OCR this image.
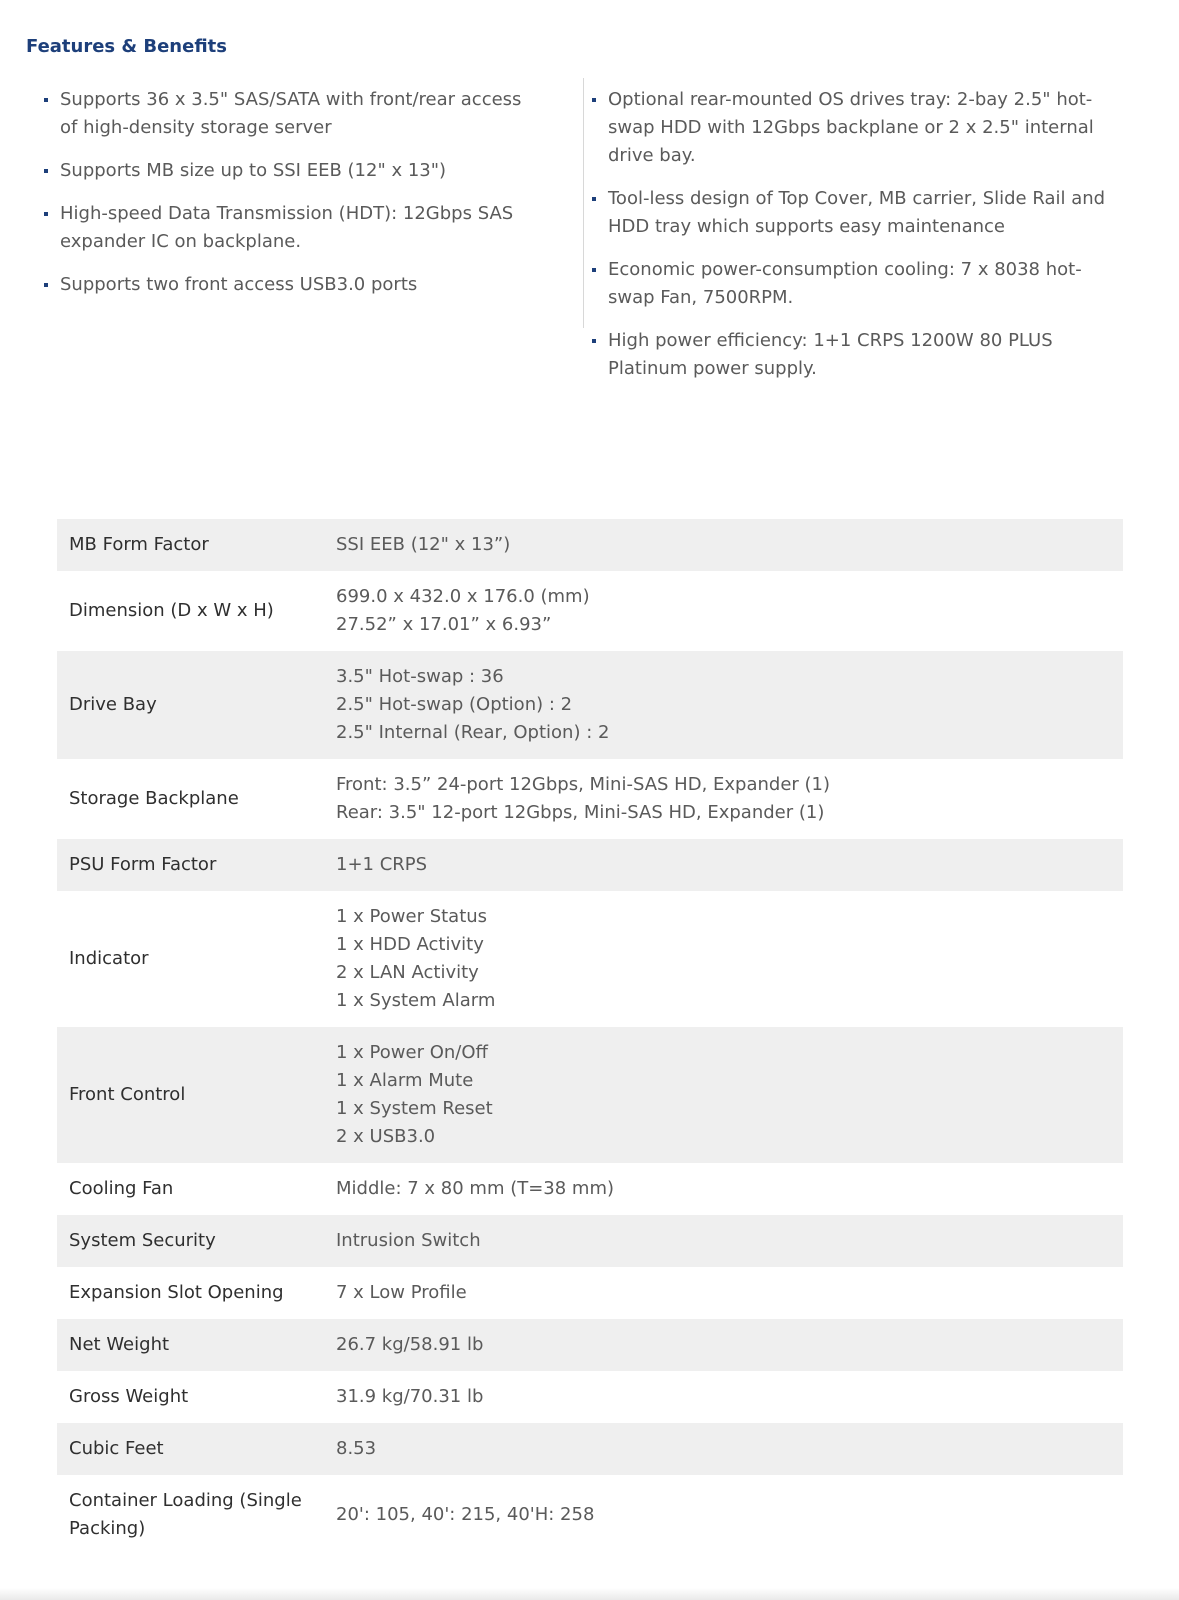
Features & Benefits
Supports 36 x 3.5" SAS/SATA with front/rear access of high-density storage server
Supports MB size up to SSI EEB (12" x 13")
High-speed Data Transmission (HDT): 12Gbps SAS expander IC on backplane.
Supports two front access USB3.0 ports
Optional rear-mounted OS drives tray: 2-bay 2.5" hot-swap HDD with 12Gbps backplane or 2 x 2.5" internal drive bay.
Tool-less design of Top Cover, MB carrier, Slide Rail and HDD tray which supports easy maintenance
Economic power-consumption cooling: 7 x 8038 hot-swap Fan, 7500RPM.
High power efficiency: 1+1 CRPS 1200W 80 PLUS Platinum power supply.
MB Form Factor	SSI EEB (12" x 13”)

Dimension (D x W x H)	699.0 x 432.0 x 176.0 (mm)
27.52” x 17.01” x 6.93”

Drive Bay	3.5" Hot-swap : 36
2.5" Hot-swap (Option) : 2
2.5" Internal (Rear, Option) : 2

Storage Backplane	Front: 3.5” 24-port 12Gbps, Mini-SAS HD, Expander (1)
Rear: 3.5" 12-port 12Gbps, Mini-SAS HD, Expander (1)

PSU Form Factor	1+1 CRPS

Indicator	1 x Power Status
1 x HDD Activity
2 x LAN Activity
1 x System Alarm

Front Control	1 x Power On/Off
1 x Alarm Mute
1 x System Reset
2 x USB3.0

Cooling Fan	Middle: 7 x 80 mm (T=38 mm)

System Security	Intrusion Switch

Expansion Slot Opening	7 x Low Profile

Net Weight	26.7 kg/58.91 lb

Gross Weight	31.9 kg/70.31 lb

Cubic Feet	8.53

Container Loading (Single Packing)	20': 105, 40': 215, 40'H: 258
